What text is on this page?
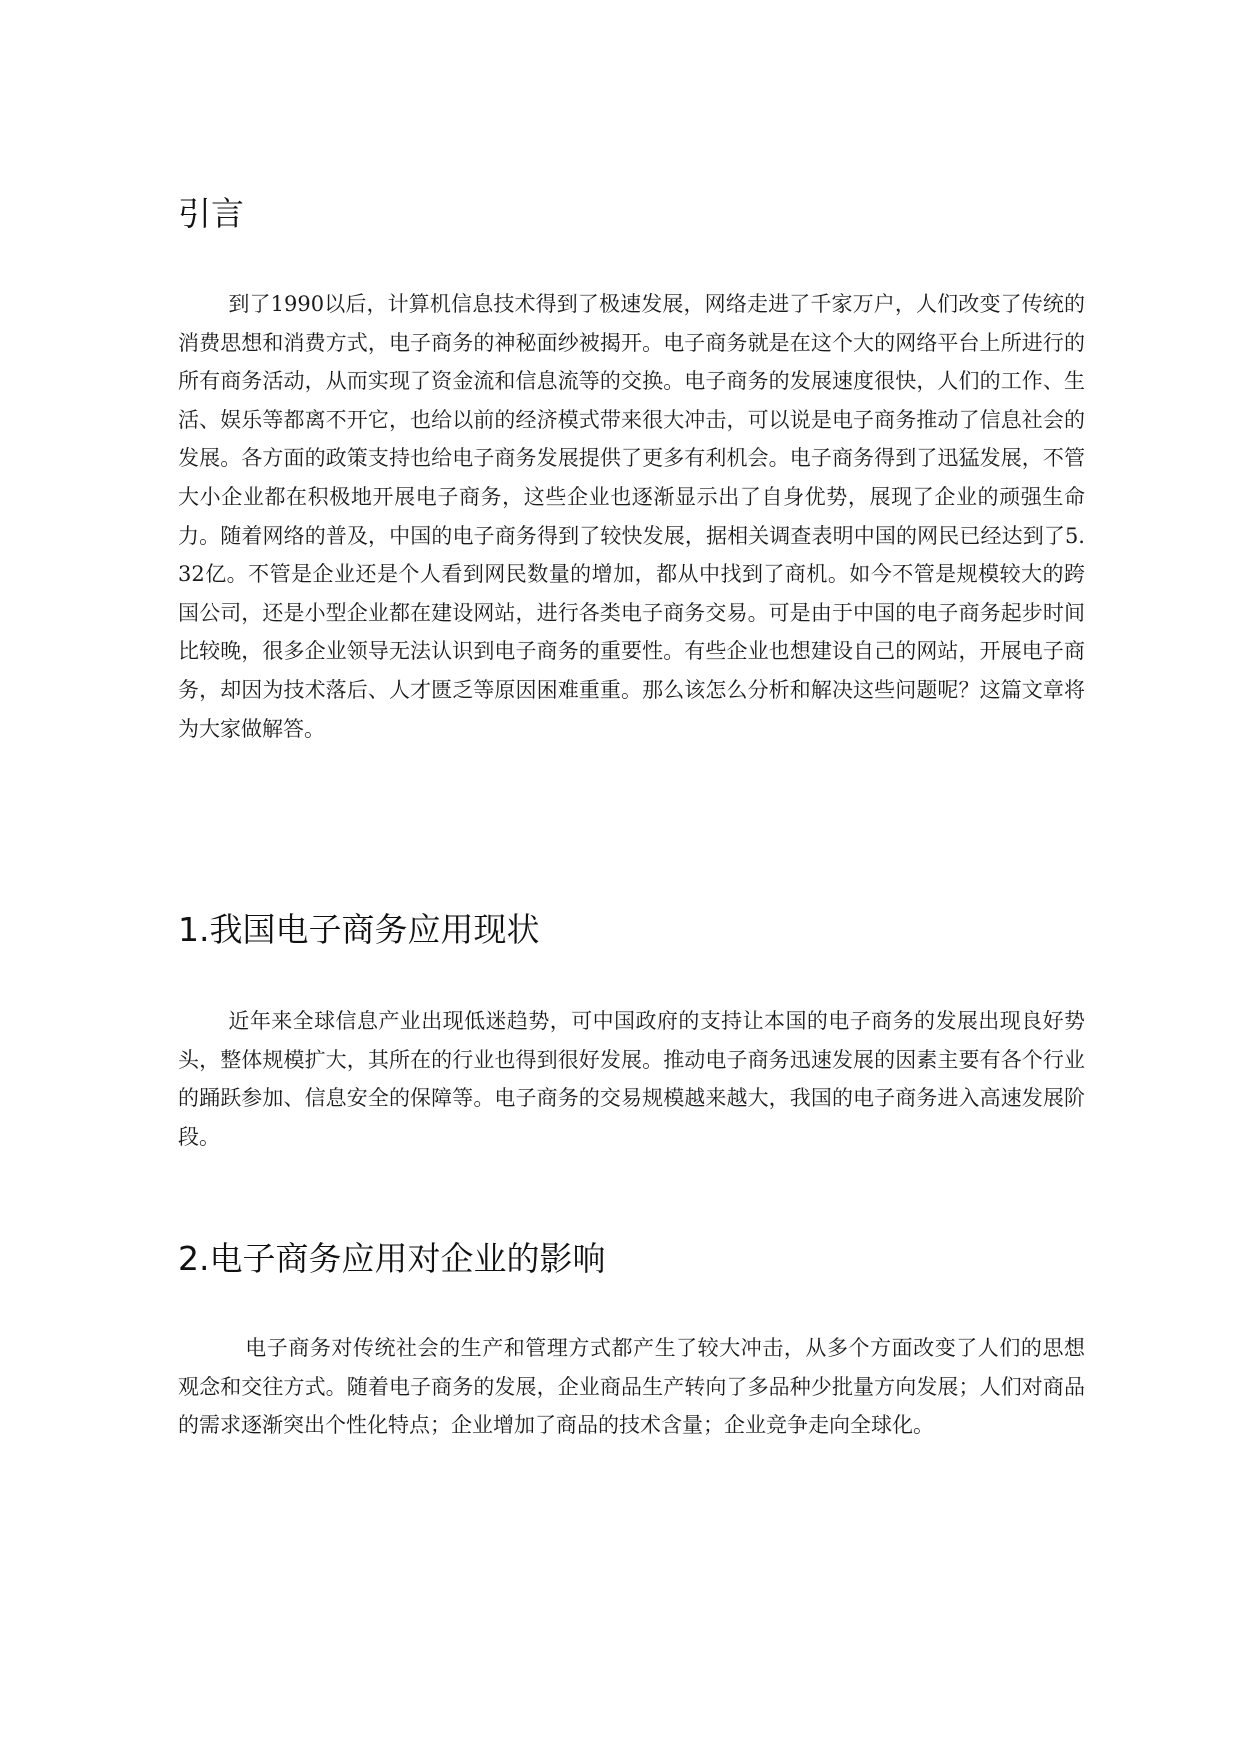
引言

到了1990以后，计算机信息技术得到了极速发展，网络走进了千家万户，人们改变了传统的消费思想和消费方式，电子商务的神秘面纱被揭开。电子商务就是在这个大的网络平台上所进行的所有商务活动，从而实现了资金流和信息流等的交换。电子商务的发展速度很快，人们的工作、生活、娱乐等都离不开它，也给以前的经济模式带来很大冲击，可以说是电子商务推动了信息社会的发展。各方面的政策支持也给电子商务发展提供了更多有利机会。电子商务得到了迅猛发展，不管大小企业都在积极地开展电子商务，这些企业也逐渐显示出了自身优势，展现了企业的顽强生命力。随着网络的普及，中国的电子商务得到了较快发展，据相关调查表明中国的网民已经达到了5.32亿。不管是企业还是个人看到网民数量的增加，都从中找到了商机。如今不管是规模较大的跨国公司，还是小型企业都在建设网站，进行各类电子商务交易。可是由于中国的电子商务起步时间比较晚，很多企业领导无法认识到电子商务的重要性。有些企业也想建设自己的网站，开展电子商务，却因为技术落后、人才匮乏等原因困难重重。那么该怎么分析和解决这些问题呢？这篇文章将为大家做解答。

1.我国电子商务应用现状

近年来全球信息产业出现低迷趋势，可中国政府的支持让本国的电子商务的发展出现良好势头，整体规模扩大，其所在的行业也得到很好发展。推动电子商务迅速发展的因素主要有各个行业的踊跃参加、信息安全的保障等。电子商务的交易规模越来越大，我国的电子商务进入高速发展阶段。

2.电子商务应用对企业的影响

电子商务对传统社会的生产和管理方式都产生了较大冲击，从多个方面改变了人们的思想观念和交往方式。随着电子商务的发展，企业商品生产转向了多品种少批量方向发展；人们对商品的需求逐渐突出个性化特点；企业增加了商品的技术含量；企业竞争走向全球化。
